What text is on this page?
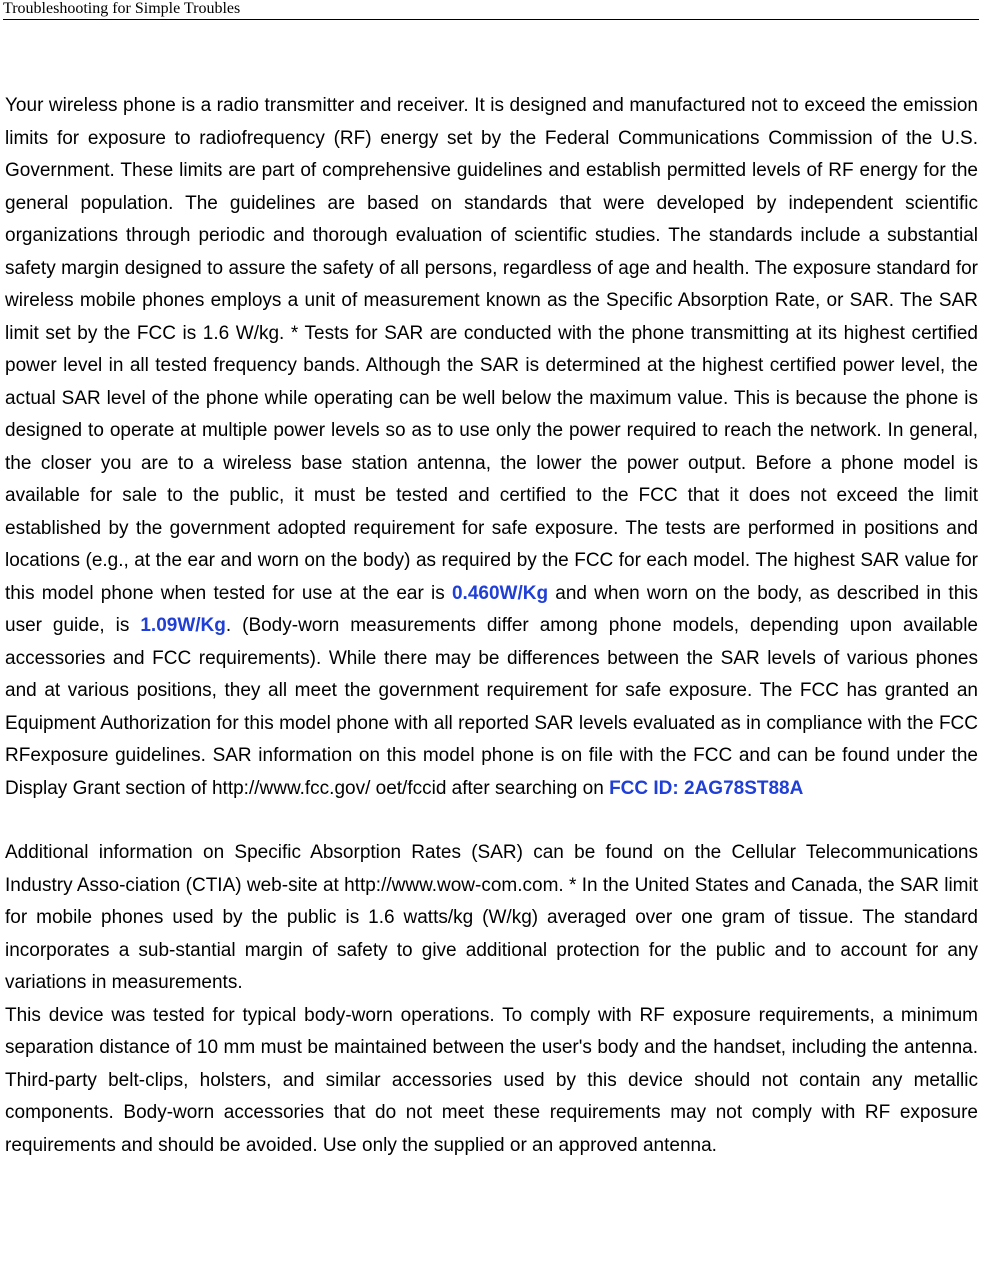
Troubleshooting for Simple Troubles

Your wireless phone is a radio transmitter and receiver. It is designed and manufactured not to exceed the emission limits for exposure to radiofrequency (RF) energy set by the Federal Communications Commission of the U.S. Government. These limits are part of comprehensive guidelines and establish permitted levels of RF energy for the general population. The guidelines are based on standards that were developed by independent scientific organizations through periodic and thorough evaluation of scientific studies. The standards include a substantial safety margin designed to assure the safety of all persons, regardless of age and health. The exposure standard for wireless mobile phones employs a unit of measurement known as the Specific Absorption Rate, or SAR. The SAR limit set by the FCC is 1.6 W/kg. * Tests for SAR are conducted with the phone transmitting at its highest certified power level in all tested frequency bands. Although the SAR is determined at the highest certified power level, the actual SAR level of the phone while operating can be well below the maximum value. This is because the phone is designed to operate at multiple power levels so as to use only the power required to reach the network. In general, the closer you are to a wireless base station antenna, the lower the power output. Before a phone model is available for sale to the public, it must be tested and certified to the FCC that it does not exceed the limit established by the government adopted requirement for safe exposure. The tests are performed in positions and locations (e.g., at the ear and worn on the body) as required by the FCC for each model. The highest SAR value for this model phone when tested for use at the ear is 0.460W/Kg and when worn on the body, as described in this user guide, is 1.09W/Kg. (Body-worn measurements differ among phone models, depending upon available accessories and FCC requirements). While there may be differences between the SAR levels of various phones and at various positions, they all meet the government requirement for safe exposure. The FCC has granted an Equipment Authorization for this model phone with all reported SAR levels evaluated as in compliance with the FCC RFexposure guidelines. SAR information on this model phone is on file with the FCC and can be found under the Display Grant section of http://www.fcc.gov/ oet/fccid after searching on FCC ID: 2AG78ST88A

Additional information on Specific Absorption Rates (SAR) can be found on the Cellular Telecommunications Industry Asso-ciation (CTIA) web-site at http://www.wow-com.com. * In the United States and Canada, the SAR limit for mobile phones used by the public is 1.6 watts/kg (W/kg) averaged over one gram of tissue. The standard incorporates a sub-stantial margin of safety to give additional protection for the public and to account for any variations in measurements.

This device was tested for typical body-worn operations. To comply with RF exposure requirements, a minimum separation distance of 10 mm must be maintained between the user's body and the handset, including the antenna. Third-party belt-clips, holsters, and similar accessories used by this device should not contain any metallic components. Body-worn accessories that do not meet these requirements may not comply with RF exposure requirements and should be avoided. Use only the supplied or an approved antenna.
